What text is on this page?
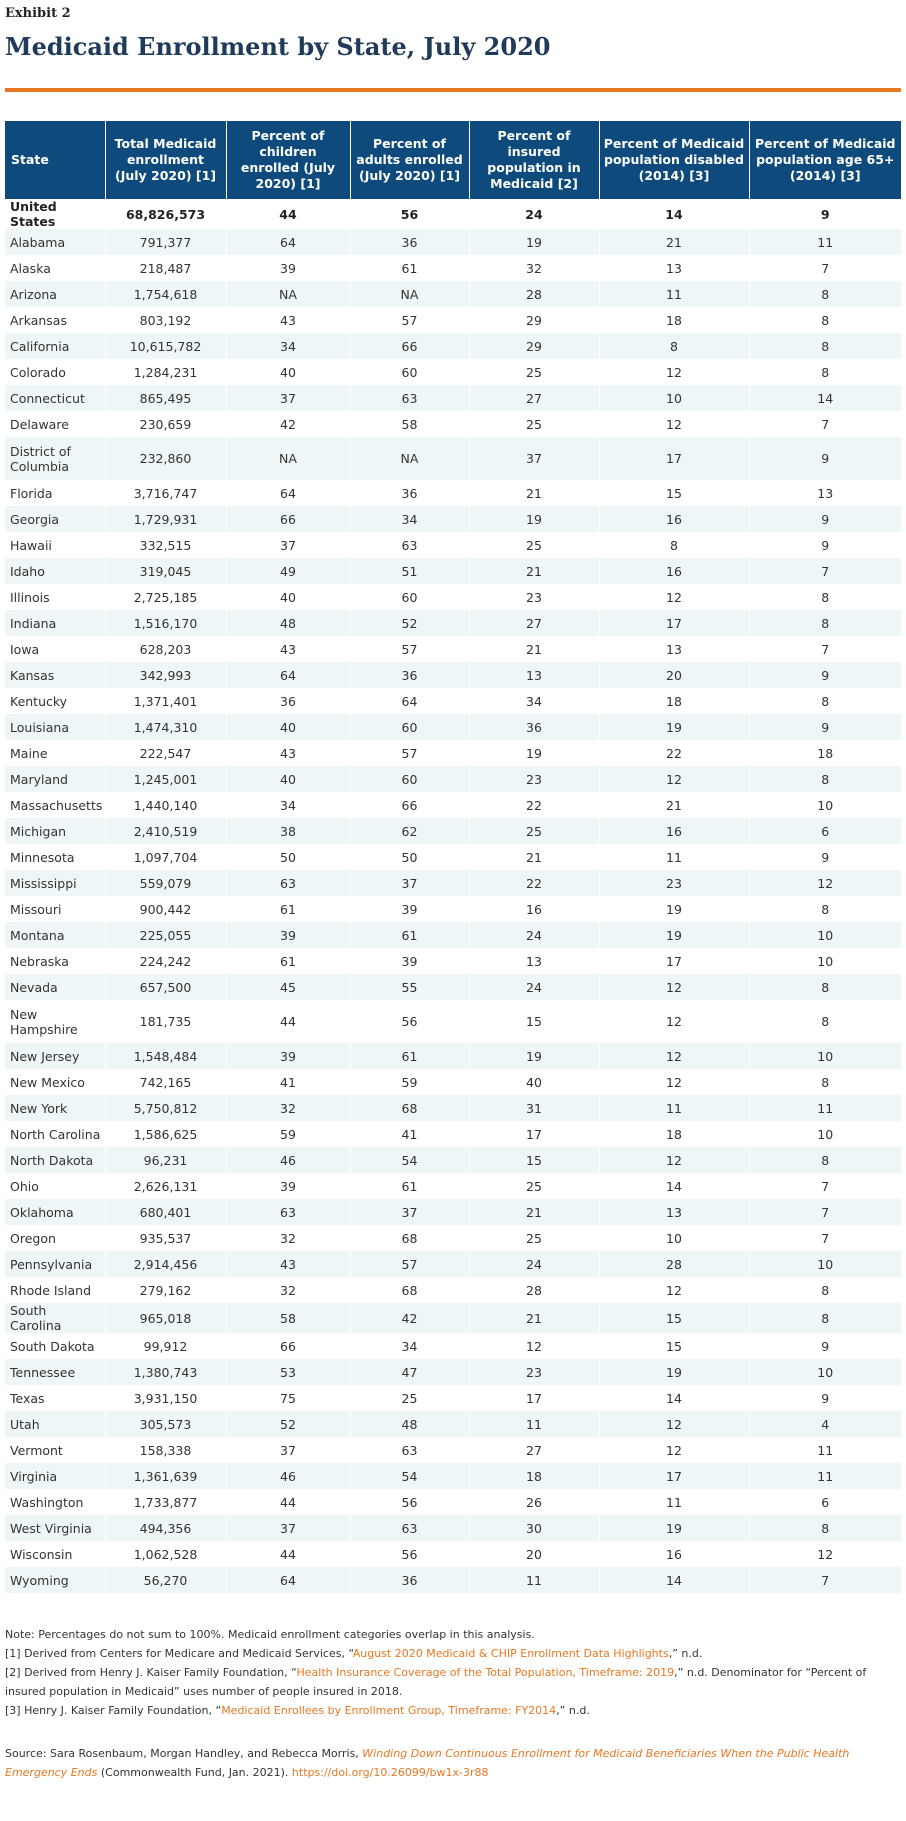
Exhibit 2
Medicaid Enrollment by State, July 2020
State	Total Medicaid enrollment (July 2020) [1]	Percent of children enrolled (July 2020) [1]	Percent of adults enrolled (July 2020) [1]	Percent of insured population in Medicaid [2]	Percent of Medicaid population disabled (2014) [3]	Percent of Medicaid population age 65+ (2014) [3]
United States	68,826,573	44	56	24	14	9
Alabama	791,377	64	36	19	21	11
Alaska	218,487	39	61	32	13	7
Arizona	1,754,618	NA	NA	28	11	8
Arkansas	803,192	43	57	29	18	8
California	10,615,782	34	66	29	8	8
Colorado	1,284,231	40	60	25	12	8
Connecticut	865,495	37	63	27	10	14
Delaware	230,659	42	58	25	12	7
District of Columbia	232,860	NA	NA	37	17	9
Florida	3,716,747	64	36	21	15	13
Georgia	1,729,931	66	34	19	16	9
Hawaii	332,515	37	63	25	8	9
Idaho	319,045	49	51	21	16	7
Illinois	2,725,185	40	60	23	12	8
Indiana	1,516,170	48	52	27	17	8
Iowa	628,203	43	57	21	13	7
Kansas	342,993	64	36	13	20	9
Kentucky	1,371,401	36	64	34	18	8
Louisiana	1,474,310	40	60	36	19	9
Maine	222,547	43	57	19	22	18
Maryland	1,245,001	40	60	23	12	8
Massachusetts	1,440,140	34	66	22	21	10
Michigan	2,410,519	38	62	25	16	6
Minnesota	1,097,704	50	50	21	11	9
Mississippi	559,079	63	37	22	23	12
Missouri	900,442	61	39	16	19	8
Montana	225,055	39	61	24	19	10
Nebraska	224,242	61	39	13	17	10
Nevada	657,500	45	55	24	12	8
New Hampshire	181,735	44	56	15	12	8
New Jersey	1,548,484	39	61	19	12	10
New Mexico	742,165	41	59	40	12	8
New York	5,750,812	32	68	31	11	11
North Carolina	1,586,625	59	41	17	18	10
North Dakota	96,231	46	54	15	12	8
Ohio	2,626,131	39	61	25	14	7
Oklahoma	680,401	63	37	21	13	7
Oregon	935,537	32	68	25	10	7
Pennsylvania	2,914,456	43	57	24	28	10
Rhode Island	279,162	32	68	28	12	8
South Carolina	965,018	58	42	21	15	8
South Dakota	99,912	66	34	12	15	9
Tennessee	1,380,743	53	47	23	19	10
Texas	3,931,150	75	25	17	14	9
Utah	305,573	52	48	11	12	4
Vermont	158,338	37	63	27	12	11
Virginia	1,361,639	46	54	18	17	11
Washington	1,733,877	44	56	26	11	6
West Virginia	494,356	37	63	30	19	8
Wisconsin	1,062,528	44	56	20	16	12
Wyoming	56,270	64	36	11	14	7
Note: Percentages do not sum to 100%. Medicaid enrollment categories overlap in this analysis.
[1] Derived from Centers for Medicare and Medicaid Services, “August 2020 Medicaid & CHIP Enrollment Data Highlights,” n.d.
[2] Derived from Henry J. Kaiser Family Foundation, “Health Insurance Coverage of the Total Population, Timeframe: 2019,” n.d. Denominator for “Percent of insured population in Medicaid” uses number of people insured in 2018.
[3] Henry J. Kaiser Family Foundation, “Medicaid Enrollees by Enrollment Group, Timeframe: FY2014,” n.d.
Source: Sara Rosenbaum, Morgan Handley, and Rebecca Morris, Winding Down Continuous Enrollment for Medicaid Beneficiaries When the Public Health Emergency Ends (Commonwealth Fund, Jan. 2021). https://doi.org/10.26099/bw1x-3r88
